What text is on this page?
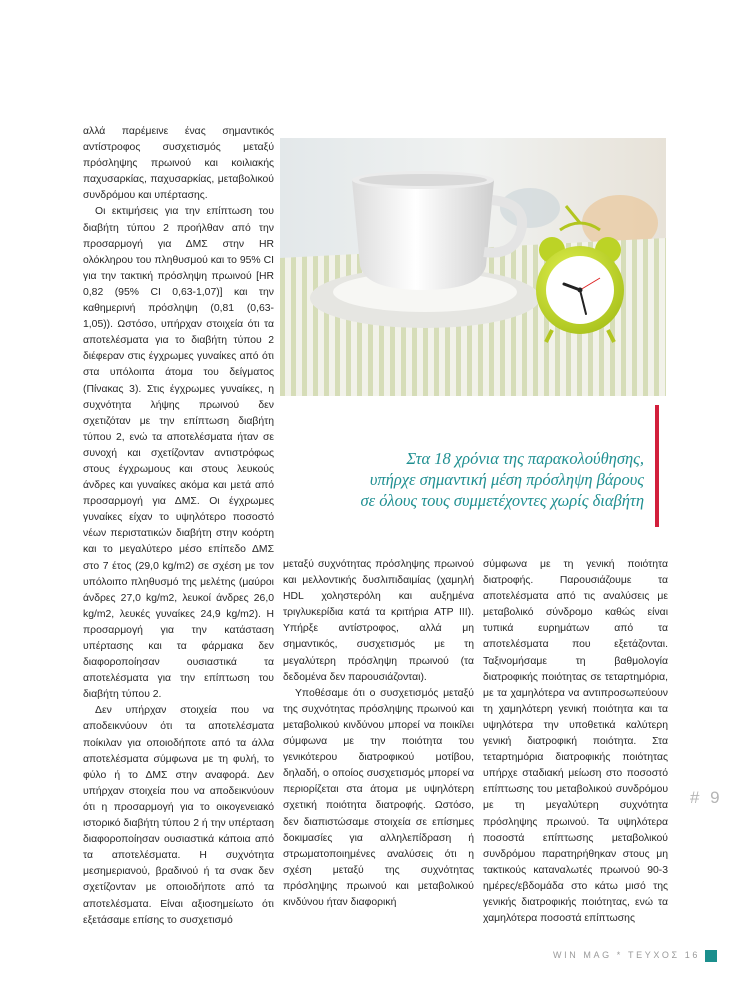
αλλά παρέμεινε ένας σημαντικός αντίστροφος συσχετισμός μεταξύ πρόσληψης πρωινού και κοιλιακής παχυσαρκίας, παχυσαρκίας, μεταβολικού συνδρόμου και υπέρτασης.

Οι εκτιμήσεις για την επίπτωση του διαβήτη τύπου 2 προήλθαν από την προσαρμογή για ΔΜΣ στην HR ολόκληρου του πληθυσμού και το 95% CI για την τακτική πρόσληψη πρωινού [HR 0,82 (95% CI 0,63-1,07)] και την καθημερινή πρόσληψη (0,81 (0,63-1,05)). Ωστόσο, υπήρχαν στοιχεία ότι τα αποτελέσματα για το διαβήτη τύπου 2 διέφεραν στις έγχρωμες γυναίκες από ότι στα υπόλοιπα άτομα του δείγματος (Πίνακας 3). Στις έγχρωμες γυναίκες, η συχνότητα λήψης πρωινού δεν σχετιζόταν με την επίπτωση διαβήτη τύπου 2, ενώ τα αποτελέσματα ήταν σε συνοχή και σχετίζονταν αντιστρόφως στους έγχρωμους και στους λευκούς άνδρες και γυναίκες ακόμα και μετά από προσαρμογή για ΔΜΣ. Οι έγχρωμες γυναίκες είχαν το υψηλότερο ποσοστό νέων περιστατικών διαβήτη στην κοόρτη και το μεγαλύτερο μέσο επίπεδο ΔΜΣ στο 7 έτος (29,0 kg/m2) σε σχέση με τον υπόλοιπο πληθυσμό της μελέτης (μαύροι άνδρες 27,0 kg/m2, λευκοί άνδρες 26,0 kg/m2, λευκές γυναίκες 24,9 kg/m2). Η προσαρμογή για την κατάσταση υπέρτασης και τα φάρμακα δεν διαφοροποίησαν ουσιαστικά τα αποτελέσματα για την επίπτωση του διαβήτη τύπου 2.

Δεν υπήρχαν στοιχεία που να αποδεικνύουν ότι τα αποτελέσματα ποίκιλαν για οποιοδήποτε από τα άλλα αποτελέσματα σύμφωνα με τη φυλή, το φύλο ή το ΔΜΣ στην αναφορά. Δεν υπήρχαν στοιχεία που να αποδεικνύουν ότι η προσαρμογή για το οικογενειακό ιστορικό διαβήτη τύπου 2 ή την υπέρταση διαφοροποίησαν ουσιαστικά κάποια από τα αποτελέσματα. Η συχνότητα μεσημεριανού, βραδινού ή τα σνακ δεν σχετίζονταν με οποιοδήποτε από τα αποτελέσματα. Είναι αξιοσημείωτο ότι εξετάσαμε επίσης το συσχετισμό

Στα 18 χρόνια της παρακολούθησης,
υπήρχε σημαντική μέση πρόσληψη βάρους
σε όλους τους συμμετέχοντες χωρίς διαβήτη

μεταξύ συχνότητας πρόσληψης πρωινού και μελλοντικής δυσλιπιδαιμίας (χαμηλή HDL χοληστερόλη και αυξημένα τριγλυκερίδια κατά τα κριτήρια ATP III). Υπήρξε αντίστροφος, αλλά μη σημαντικός, συσχετισμός με τη μεγαλύτερη πρόσληψη πρωινού (τα δεδομένα δεν παρουσιάζονται).

Υποθέσαμε ότι ο συσχετισμός μεταξύ της συχνότητας πρόσληψης πρωινού και μεταβολικού κινδύνου μπορεί να ποικίλει σύμφωνα με την ποιότητα του γενικότερου διατροφικού μοτίβου, δηλαδή, ο οποίος συσχετισμός μπορεί να περιορίζεται στα άτομα με υψηλότερη σχετική ποιότητα διατροφής. Ωστόσο, δεν διαπιστώσαμε στοιχεία σε επίσημες δοκιμασίες για αλληλεπίδραση ή στρωματοποιημένες αναλύσεις ότι η σχέση μεταξύ της συχνότητας πρόσληψης πρωινού και μεταβολικού κινδύνου ήταν διαφορική

σύμφωνα με τη γενική ποιότητα διατροφής. Παρουσιάζουμε τα αποτελέσματα από τις αναλύσεις με μεταβολικό σύνδρομο καθώς είναι τυπικά ευρημάτων από τα αποτελέσματα που εξετάζονται. Ταξινομήσαμε τη βαθμολογία διατροφικής ποιότητας σε τεταρτημόρια, με τα χαμηλότερα να αντιπροσωπεύουν τη χαμηλότερη γενική ποιότητα και τα υψηλότερα την υποθετικά καλύτερη γενική διατροφική ποιότητα. Στα τεταρτημόρια διατροφικής ποιότητας υπήρχε σταδιακή μείωση στο ποσοστό επίπτωσης του μεταβολικού συνδρόμου με τη μεγαλύτερη συχνότητα πρόσληψης πρωινού. Τα υψηλότερα ποσοστά επίπτωσης μεταβολικού συνδρόμου παρατηρήθηκαν στους μη τακτικούς καταναλωτές πρωινού 90-3 ημέρες/εβδομάδα στο κάτω μισό της γενικής διατροφικής ποιότητας, ενώ τα χαμηλότερα ποσοστά επίπτωσης

# 9
WIN MAG * ΤΕΥΧΟΣ 16
